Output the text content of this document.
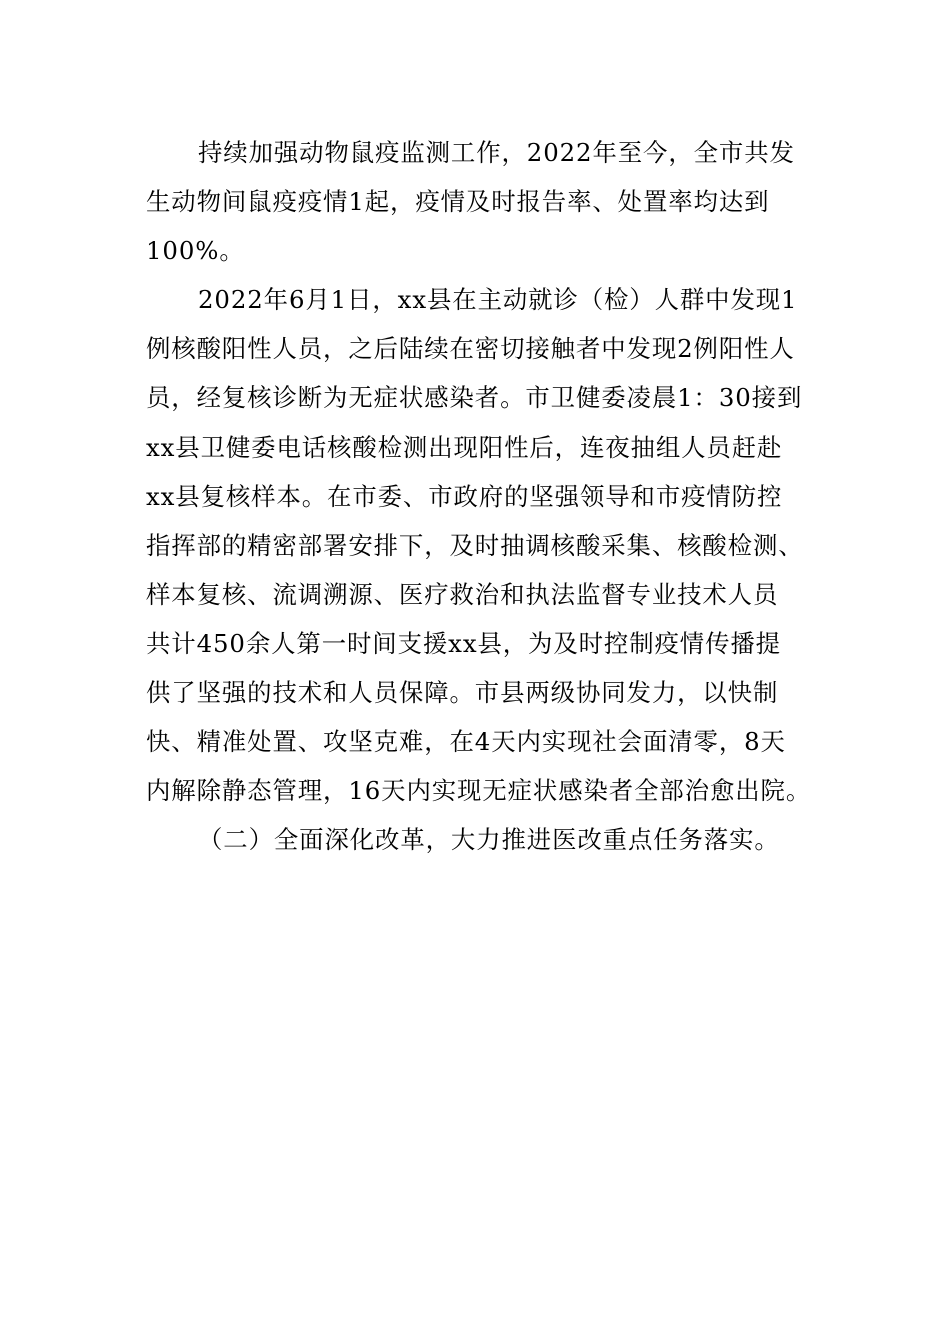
持续加强动物鼠疫监测工作，2022年至今，全市共发
生动物间鼠疫疫情1起，疫情及时报告率、处置率均达到
100%。
2022年6月1日，xx县在主动就诊（检）人群中发现1
例核酸阳性人员，之后陆续在密切接触者中发现2例阳性人
员，经复核诊断为无症状感染者。市卫健委凌晨1：30接到
xx县卫健委电话核酸检测出现阳性后，连夜抽组人员赶赴
xx县复核样本。在市委、市政府的坚强领导和市疫情防控
指挥部的精密部署安排下，及时抽调核酸采集、核酸检测、
样本复核、流调溯源、医疗救治和执法监督专业技术人员
共计450余人第一时间支援xx县，为及时控制疫情传播提
供了坚强的技术和人员保障。市县两级协同发力，以快制
快、精准处置、攻坚克难，在4天内实现社会面清零，8天
内解除静态管理，16天内实现无症状感染者全部治愈出院。
（二）全面深化改革，大力推进医改重点任务落实。
